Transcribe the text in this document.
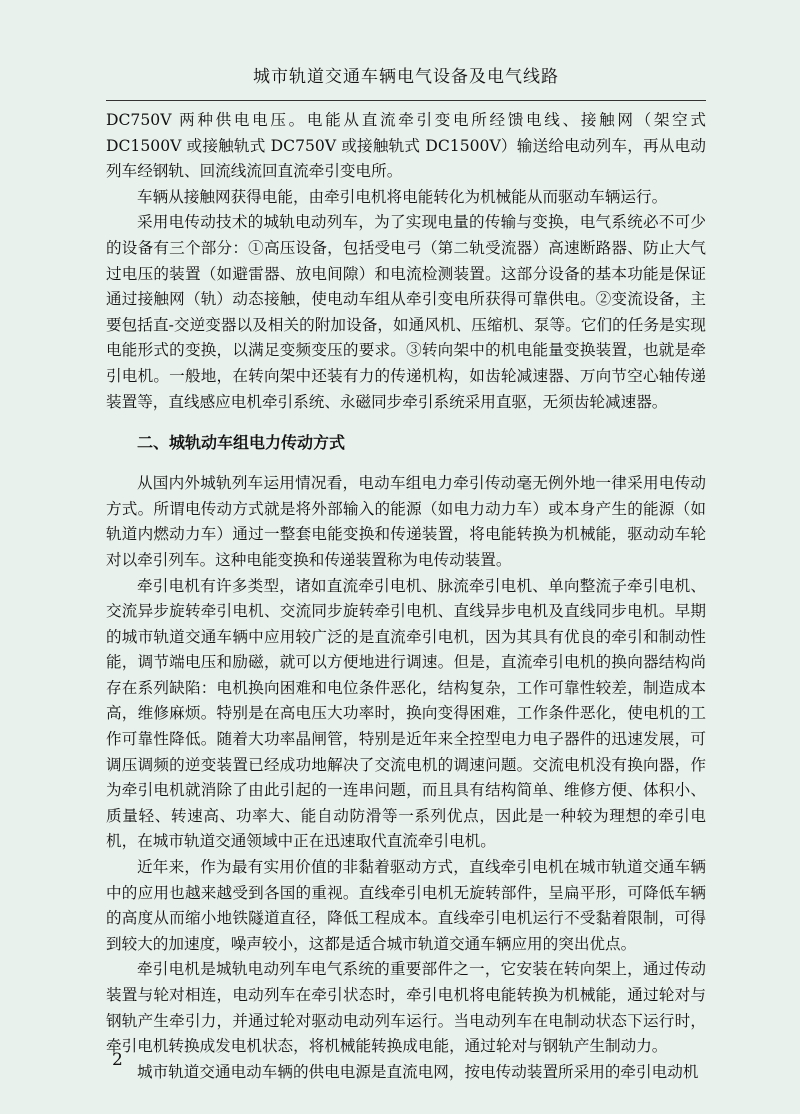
城市轨道交通车辆电气设备及电气线路

DC750V 两种供电电压。电能从直流牵引变电所经馈电线、接触网（架空式 DC1500V 或接触轨式 DC750V 或接触轨式 DC1500V）输送给电动列车，再从电动列车经钢轨、回流线流回直流牵引变电所。

车辆从接触网获得电能，由牵引电机将电能转化为机械能从而驱动车辆运行。

采用电传动技术的城轨电动列车，为了实现电量的传输与变换，电气系统必不可少的设备有三个部分：①高压设备，包括受电弓（第二轨受流器）高速断路器、防止大气过电压的装置（如避雷器、放电间隙）和电流检测装置。这部分设备的基本功能是保证通过接触网（轨）动态接触，使电动车组从牵引变电所获得可靠供电。②变流设备，主要包括直-交逆变器以及相关的附加设备，如通风机、压缩机、泵等。它们的任务是实现电能形式的变换，以满足变频变压的要求。③转向架中的机电能量变换装置，也就是牵引电机。一般地，在转向架中还装有力的传递机构，如齿轮减速器、万向节空心轴传递装置等，直线感应电机牵引系统、永磁同步牵引系统采用直驱，无须齿轮减速器。

二、城轨动车组电力传动方式

从国内外城轨列车运用情况看，电动车组电力牵引传动毫无例外地一律采用电传动方式。所谓电传动方式就是将外部输入的能源（如电力动力车）或本身产生的能源（如轨道内燃动力车）通过一整套电能变换和传递装置，将电能转换为机械能，驱动动车轮对以牵引列车。这种电能变换和传递装置称为电传动装置。

牵引电机有许多类型，诸如直流牵引电机、脉流牵引电机、单向整流子牵引电机、交流异步旋转牵引电机、交流同步旋转牵引电机、直线异步电机及直线同步电机。早期的城市轨道交通车辆中应用较广泛的是直流牵引电机，因为其具有优良的牵引和制动性能，调节端电压和励磁，就可以方便地进行调速。但是，直流牵引电机的换向器结构尚存在系列缺陷：电机换向困难和电位条件恶化，结构复杂，工作可靠性较差，制造成本高，维修麻烦。特别是在高电压大功率时，换向变得困难，工作条件恶化，使电机的工作可靠性降低。随着大功率晶闸管，特别是近年来全控型电力电子器件的迅速发展，可调压调频的逆变装置已经成功地解决了交流电机的调速问题。交流电机没有换向器，作为牵引电机就消除了由此引起的一连串问题，而且具有结构简单、维修方便、体积小、质量轻、转速高、功率大、能自动防滑等一系列优点，因此是一种较为理想的牵引电机，在城市轨道交通领域中正在迅速取代直流牵引电机。

近年来，作为最有实用价值的非黏着驱动方式，直线牵引电机在城市轨道交通车辆中的应用也越来越受到各国的重视。直线牵引电机无旋转部件，呈扁平形，可降低车辆的高度从而缩小地铁隧道直径，降低工程成本。直线牵引电机运行不受黏着限制，可得到较大的加速度，噪声较小，这都是适合城市轨道交通车辆应用的突出优点。

牵引电机是城轨电动列车电气系统的重要部件之一，它安装在转向架上，通过传动装置与轮对相连，电动列车在牵引状态时，牵引电机将电能转换为机械能，通过轮对与钢轨产生牵引力，并通过轮对驱动电动列车运行。当电动列车在电制动状态下运行时，牵引电机转换成发电机状态，将机械能转换成电能，通过轮对与钢轨产生制动力。

城市轨道交通电动车辆的供电电源是直流电网，按电传动装置所采用的牵引电动机

2
